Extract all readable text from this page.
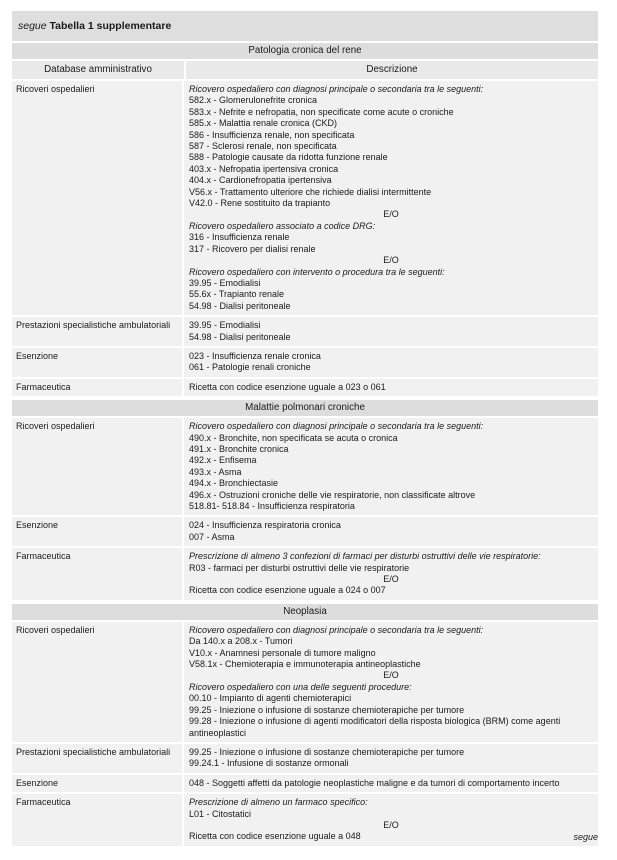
segue Tabella 1 supplementare
Patologia cronica del rene
Database amministrativo	Descrizione
Ricoveri ospedalieri	Ricovero ospedaliero con diagnosi principale o secondaria tra le seguenti:
582.x - Glomerulonefrite cronica
583.x - Nefrite e nefropatia, non specificate come acute o croniche
585.x - Malattia renale cronica (CKD)
586 - Insufficienza renale, non specificata
587 - Sclerosi renale, non specificata
588 - Patologie causate da ridotta funzione renale
403.x - Nefropatia ipertensiva cronica
404.x - Cardionefropatia ipertensiva
V56.x - Trattamento ulteriore che richiede dialisi intermittente
V42.0 - Rene sostituito da trapianto
E/O
Ricovero ospedaliero associato a codice DRG:
316 - Insufficienza renale
317 - Ricovero per dialisi renale
E/O
Ricovero ospedaliero con intervento o procedura tra le seguenti:
39.95 - Emodialisi
55.6x - Trapianto renale
54.98 - Dialisi peritoneale
Prestazioni specialistiche ambulatoriali	39.95 - Emodialisi
54.98 - Dialisi peritoneale
Esenzione	023 - Insufficienza renale cronica
061 - Patologie renali croniche
Farmaceutica	Ricetta con codice esenzione uguale a 023 o 061
Malattie polmonari croniche
Ricoveri ospedalieri	Ricovero ospedaliero con diagnosi principale o secondaria tra le seguenti:
490.x - Bronchite, non specificata se acuta o cronica
491.x - Bronchite cronica
492.x - Enfisema
493.x - Asma
494.x - Bronchiectasie
496.x - Ostruzioni croniche delle vie respiratorie, non classificate altrove
518.81- 518.84 - Insufficienza respiratoria
Esenzione	024 - Insufficienza respiratoria cronica
007 - Asma
Farmaceutica	Prescrizione di almeno 3 confezioni di farmaci per disturbi ostruttivi delle vie respiratorie:
R03 - farmaci per disturbi ostruttivi delle vie respiratorie
E/O
Ricetta con codice esenzione uguale a 024 o 007
Neoplasia
Ricoveri ospedalieri	Ricovero ospedaliero con diagnosi principale o secondaria tra le seguenti:
Da 140.x a 208.x - Tumori
V10.x - Anamnesi personale di tumore maligno
V58.1x - Chemioterapia e immunoterapia antineoplastiche
E/O
Ricovero ospedaliero con una delle seguenti procedure:
00.10 - Impianto di agenti chemioterapici
99.25 - Iniezione o infusione di sostanze chemioterapiche per tumore
99.28 - Iniezione o infusione di agenti modificatori della risposta biologica (BRM) come agenti antineoplastici
Prestazioni specialistiche ambulatoriali	99.25 - Iniezione o infusione di sostanze chemioterapiche per tumore
99.24.1 - Infusione di sostanze ormonali
Esenzione	048 - Soggetti affetti da patologie neoplastiche maligne e da tumori di comportamento incerto
Farmaceutica	Prescrizione di almeno un farmaco specifico:
L01 - Citostatici
E/O
Ricetta con codice esenzione uguale a 048	segue
